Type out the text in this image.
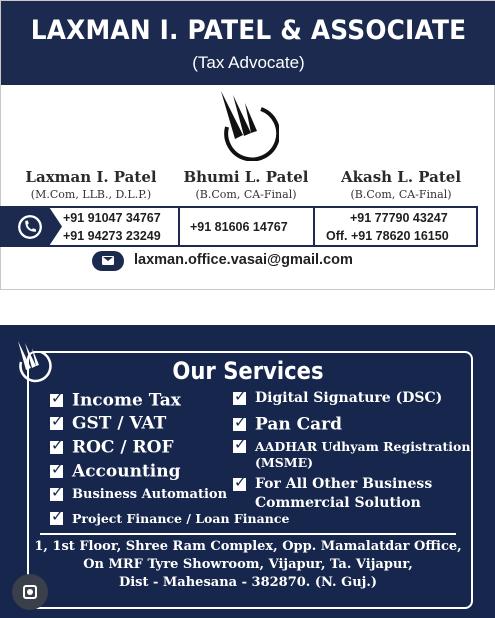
LAXMAN I. PATEL & ASSOCIATE
(Tax Advocate)
Laxman I. Patel
(M.Com, LLB., D.L.P.)
Bhumi L. Patel
(B.Com, CA-Final)
Akash L. Patel
(B.Com, CA-Final)
+91 91047 34767
+91 94273 23249
+91 81606 14767
+91 77790 43247
Off. +91 78620 16150
laxman.office.vasai@gmail.com
Our Services
✓Income Tax
✓GST / VAT
✓ROC / ROF
✓Accounting
✓Business Automation
✓Project Finance / Loan Finance
✓Digital Signature (DSC)
✓Pan Card
✓AADHAR Udhyam Registration
(MSME)
✓For All Other Business
Commercial Solution
1, 1st Floor, Shree Ram Complex, Opp. Mamalatdar Office,
On MRF Tyre Showroom, Vijapur, Ta. Vijapur,
Dist - Mahesana - 382870. (N. Guj.)
